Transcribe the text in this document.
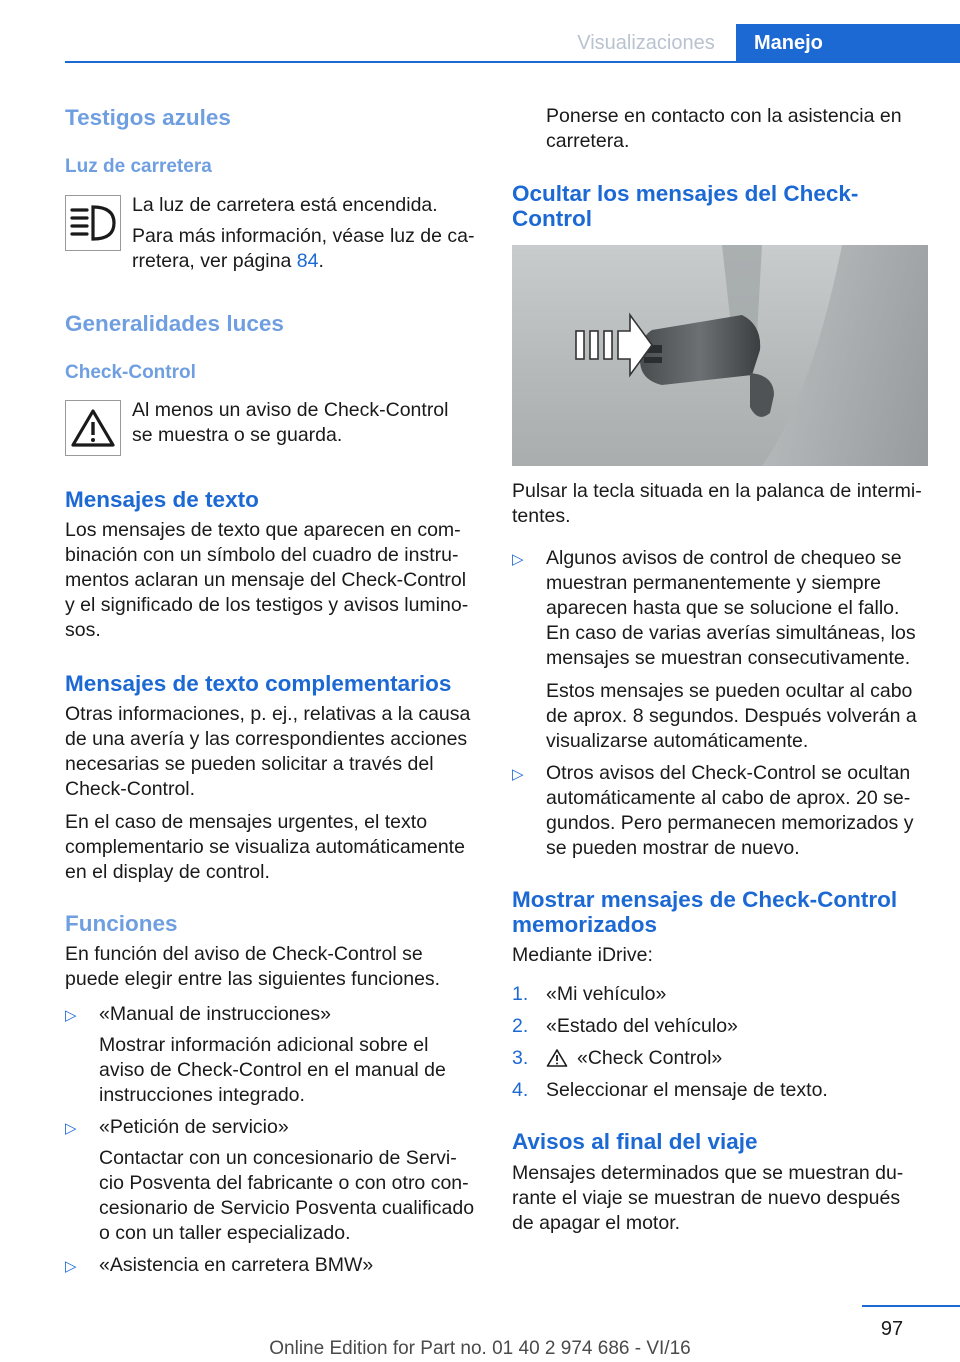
Visualizaciones	Manejo
Testigos azules
Luz de carretera
La luz de carretera está encendida.
Para más información, véase luz de ca-
rretera, ver página 84.
Generalidades luces
Check-Control
Al menos un aviso de Check-Control
se muestra o se guarda.
Mensajes de texto
Los mensajes de texto que aparecen en com-
binación con un símbolo del cuadro de instru-
mentos aclaran un mensaje del Check-Control
y el significado de los testigos y avisos lumino-
sos.
Mensajes de texto complementarios
Otras informaciones, p. ej., relativas a la causa
de una avería y las correspondientes acciones
necesarias se pueden solicitar a través del
Check-Control.
En el caso de mensajes urgentes, el texto
complementario se visualiza automáticamente
en el display de control.
Funciones
En función del aviso de Check-Control se
puede elegir entre las siguientes funciones.
▷ «Manual de instrucciones»
Mostrar información adicional sobre el
aviso de Check-Control en el manual de
instrucciones integrado.
▷ «Petición de servicio»
Contactar con un concesionario de Servi-
cio Posventa del fabricante o con otro con-
cesionario de Servicio Posventa cualificado
o con un taller especializado.
▷ «Asistencia en carretera BMW»
Ponerse en contacto con la asistencia en
carretera.
Ocultar los mensajes del Check-
Control
Pulsar la tecla situada en la palanca de intermi-
tentes.
▷ Algunos avisos de control de chequeo se
muestran permanentemente y siempre
aparecen hasta que se solucione el fallo.
En caso de varias averías simultáneas, los
mensajes se muestran consecutivamente.
Estos mensajes se pueden ocultar al cabo
de aprox. 8 segundos. Después volverán a
visualizarse automáticamente.
▷ Otros avisos del Check-Control se ocultan
automáticamente al cabo de aprox. 20 se-
gundos. Pero permanecen memorizados y
se pueden mostrar de nuevo.
Mostrar mensajes de Check-Control
memorizados
Mediante iDrive:
1. «Mi vehículo»
2. «Estado del vehículo»
3. «Check Control»
4. Seleccionar el mensaje de texto.
Avisos al final del viaje
Mensajes determinados que se muestran du-
rante el viaje se muestran de nuevo después
de apagar el motor.
97
Online Edition for Part no. 01 40 2 974 686 - VI/16
